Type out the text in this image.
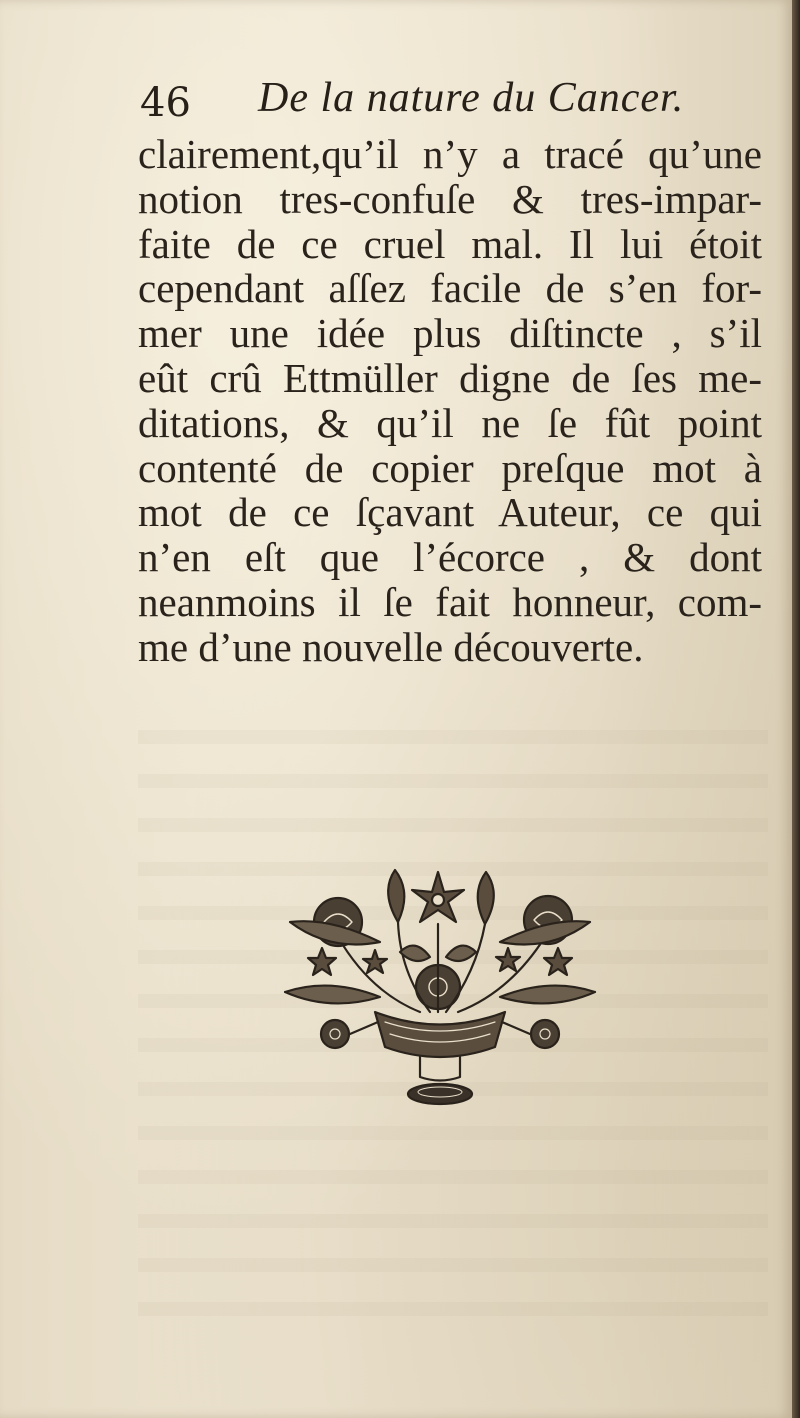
46 De la nature du Cancer.
clairement,qu’il n’y a tracé qu’une
notion tres-confuſe & tres-impar-
faite de ce cruel mal. Il lui étoit
cependant aſſez facile de s’en for-
mer une idée plus diſtincte , s’il
eût crû Ettmüller digne de ſes me-
ditations, & qu’il ne ſe fût point
contenté de copier preſque mot à
mot de ce ſçavant Auteur, ce qui
n’en eſt que l’écorce , & dont
neanmoins il ſe fait honneur, com-
me d’une nouvelle découverte.
